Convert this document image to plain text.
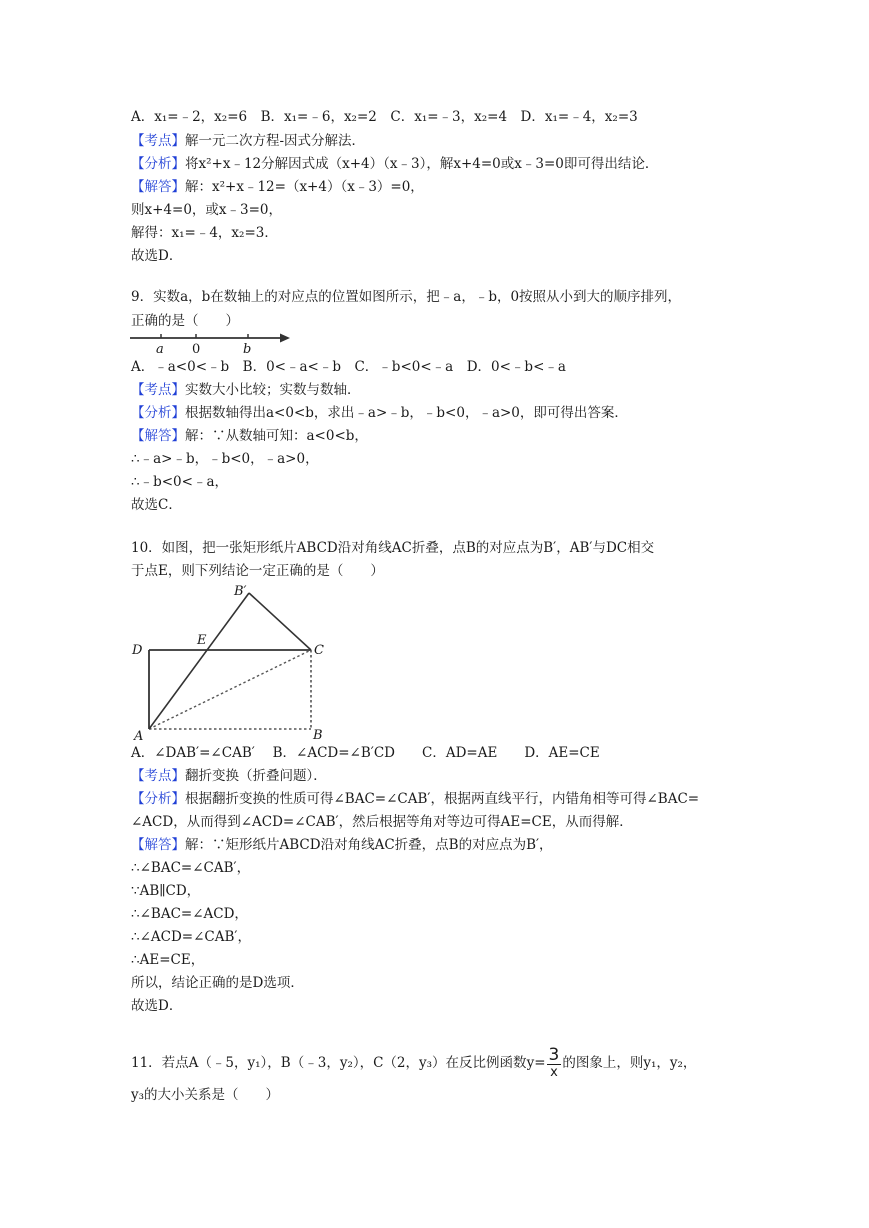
A．x₁=﹣2，x₂=6　B．x₁=﹣6，x₂=2　C．x₁=﹣3，x₂=4　D．x₁=﹣4，x₂=3
【考点】解一元二次方程-因式分解法．
【分析】将x²+x﹣12分解因式成（x+4）（x﹣3），解x+4=0或x﹣3=0即可得出结论．
【解答】解：x²+x﹣12=（x+4）（x﹣3）=0，
则x+4=0，或x﹣3=0，
解得：x₁=﹣4，x₂=3．
故选D．
9．实数a，b在数轴上的对应点的位置如图所示，把﹣a，﹣b，0按照从小到大的顺序排列，
正确的是（　　）
a 0	b
A．﹣a<0<﹣b　B．0<﹣a<﹣b　C．﹣b<0<﹣a　D．0<﹣b<﹣a
【考点】实数大小比较；实数与数轴．
【分析】根据数轴得出a<0<b，求出﹣a>﹣b，﹣b<0，﹣a>0，即可得出答案．
【解答】解：∵从数轴可知：a<0<b，
∴﹣a>﹣b，﹣b<0，﹣a>0，
∴﹣b<0<﹣a，
故选C．
10．如图，把一张矩形纸片ABCD沿对角线AC折叠，点B的对应点为B′，AB′与DC相交
于点E，则下列结论一定正确的是（　　）
D
E
C
B′
A	B
A．∠DAB′=∠CAB′　 B．∠ACD=∠B′CD　　C．AD=AE　　D．AE=CE
【考点】翻折变换（折叠问题）．
【分析】根据翻折变换的性质可得∠BAC=∠CAB′，根据两直线平行，内错角相等可得∠BAC=
∠ACD，从而得到∠ACD=∠CAB′，然后根据等角对等边可得AE=CE，从而得解．
【解答】解：∵矩形纸片ABCD沿对角线AC折叠，点B的对应点为B′，
∴∠BAC=∠CAB′，
∵AB∥CD，
∴∠BAC=∠ACD，
∴∠ACD=∠CAB′，
∴AE=CE，
所以，结论正确的是D选项．
故选D．
11．若点A（﹣5，y₁），B（﹣3，y₂），C（2，y₃）在反比例函数$y= \frac{3}{x}$ 的图象上，则y₁，y₂，
y₃的大小关系是（　　）
